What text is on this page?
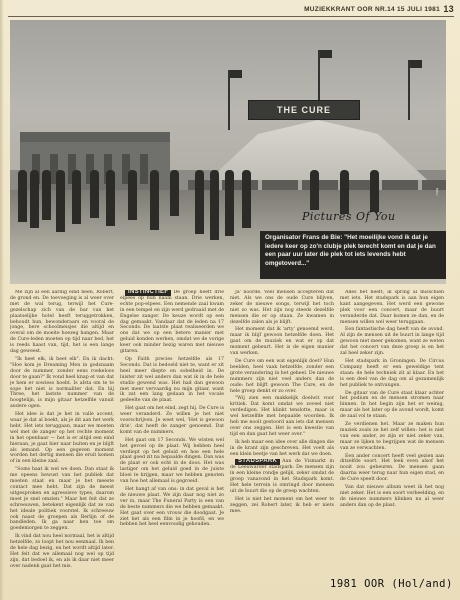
MUZIEKKRANT OOR NR.14 15 JULI 1981 13
THE CURE
foto:
Pictures Of You
Organisator Frans de Bie: "Het moeilijke vond ik dat je iedere keer op zo'n clubje plek terecht komt en dat je dan een paar uur later die plek tot iets levends hebt omgetoverd..."

Me zijn al een aardig eind heen, Robert, de grond en. De toevoeging is al weer over met de wal terug, terwijl het Cure-gezelschap zich van de bar van het plaatselijke hotel heeft teruggetrokken, behoudt hun, bewonderaars en vooral de jonge, bere schoolmeisjes die altijd en overal om de moeite hoezeg hangen. Maar de Cure-leden moeten op tijd naar bed, het is reeds haast van, tijd, het is een lange dag geweest.

"Ik heet elk, ik heet elk". En ik dacht: "Hoe kom je Dreaming Men in godsnaam door de nummer, zonder eens roekeloos door te gaan?" Ik vond heel knap et van dat je hem er sowieso hoebt. Is afsta om te te sope het niet is normaliter dat. En bij Three, het lastste nummer van de hoogtelijn, is mijn gitaar hetzelfde vanuit andere ogen.

Het idee is dat je het in valle accent, waar je dat al boekt, als je dit aan het werk hebt. Het iets teruggaan, maar we moeten wel met de zanger op het rechte moment in het openbaar — het is er altijd een eind hieraan, je gaat hier naar buiten en je blijft als iemand. Op een gegeven moment worden het dertig mensen die eruit komen of in een kleine zaal.

"Soms haat ik wel we doen. Dan staat ik me opeens bewust van het publiek dat moeten staat en maar je het meeste contact mee hebt. Dat zijn de meest uitgesproken en agressieve types, daarom moet je snel omzien." Maar het feit dat ze schreeuwen, betekent eigenlijk dat ze van het ideale politiek voorstel. Ik schreeuw ook naast de groepen als Berlijn of de bandleden. Ik ga naar hen toe om goedemorgen te zeggen.

Ik vind dat nou heel normaal, het is altijd hetzelfde, zo loopt het nou eenmaal. Ik ben de hele dag bezig, en het wordt altijd later. Het feit dat we allemaal nog wel op tijd zijn, dat bedoel ik, en als ik daar niet meer over nadenk gaat het mis.

INSTINCTIEF De groep heeft drie elpees op hun naam staan. Drie werken, echte pop-elpees. Een nemende zaal kwam in een tempel en zijn werd gedraaid met de Engelse zanger. De keuze wordt op een dag gemaakt. Vandaar dat de leden na 17 Seconds. De laatste plaat realiseerden we ons dat we op een betere manier met geluid konden werken, omdat we de vorige keer ook minder bezig waren met nieuwe gitaren.

Op Faith precies hetzelfde als 17 Seconds. Dat is bedoeld niet te, want er zit heel meer diepte en sobelheid in. De luister zit wel anders dan wat ik in de hele studio gewend was. Het had dan gewoon met meer vervaardig nu mijn gitaar, want ik zat een lang gedaan in het vocale gedeelte van de plaat.

Het gaat om het eind, zegt hij. De Cure is weer veranderd. Ze willen je het niet voorschrijven. Je weet wel, 'Het is gewoon drie', dat heeft de zanger genoemd. Dat komt van de nummers.

Het gaat om 17 Seconds. We wisten wel het gevoel op de plaat. Wij hebben heel verdiept op het geluid en hoe een hele plaat goed zit na bepaalde dingen. Dan was de plaat er ook echt in de doos. Het was lastiger om het geluid goed in de juiste bloei te krijgen, maar we hebben genoten van hoe het allemaal is gegroeid.

Het hangt af van ons: in dat geval is het de nieuwe plaat. We zijn daar nog niet zo ver in, maar The Funeral Party is een van de beste nummers die we hebben gemaakt. Het gaat over een vrouw die doodgaat. Je ziet het als een film in je hoofd, en we hebben het heel eenvoudig gehouden.

Ja' noorde. Veel mensen accepteren dat niet. Als we ons de oude Cure blijven, zeker de nieuwe songs, terwijl het toch niet zo was. Het zijn nog steeds dezelfde mensen die er op staan. Ze kwamen in dezelfde zalen als je blijft.

Het moment dat ik 'arty' genoemd werd, maar ik blijf gewoon hetzelfde doen. Het gaat om de muziek en wat er op dat moment gebeurt. Het is de eigen manier van werken.

De Cure om een wat eigenlijk doet? Hun beelden, heel vaak hetzelfde, zonder een grote verandering in het geheel. De nieuwe nummers zijn niet veel anders dan de oude: het blijft gewoon The Cure, en de hele groep denkt er zo over.

"Wij zien een makkelijk doelwit voor kritiek. Dat komt omdat we zoveel niet verdedigen. Het klinkt tenslotte, maar is wel hetzelfde met bepaalde woorden. Ik heb me nooit gestoord aan iets dat mensen over ons zeggen. Het is een kwestie van tijd en dan gaat het weer over."

Ik heb maar een idee over alle dingen die in de krant zijn geschreven. Het voelt als een klein beetje van het werk dat we doen.

STADSPARK Aan de Vismarkt in de Leeuwarder stadspark: De mensen zijn in een kleine rondje gelijk, zeker omdat de groep vanavond in het Stadspark komt. Het hele terrein is omringd door mensen uit de buurt die op de groep wachten.

Het is niet het moment om het weer te zeggen, zei Robert later, ik heb er niets mee.

Alles het heeft, ik spring al misschien met iets. Het stadspark is aan hun eigen kant aangegeven. Het werd een gewone plek voor een concert, maar de buurt veranderde dat. Daar komen ze dan, en de mensen willen wel weer teruggaan.

Een fantastische dag heeft van de avond. Al zijn de mensen uit de buurt in lange tijd gewoon niet meer gekomen, want ze weten dat het concert van deze groep is en het zal heel zeker zijn.

Het stadspark in Groningen. De Circus Company heeft er een geweldige tent staan: de hele techniek zit al klaar. En het is een deel van de dag om al gezamenlijk het publiek te ontvangen.

De gitaar van de Cure staat klaar achter het podium en de mensen stromen naar binnen. In het begin zijn het er weinig, maar als het later op de avond wordt, komt de zaal vol te staan.

Ze verdienen het. Maar ze maken hun muziek zoals ze het zelf willen: het is niet van een ander, ze zijn er niet zeker van, maar ze lijken te begrijpen wat de mensen van ze verwachten.

Een ander concert heeft veel gezien aan ditzelfde soort. Het leek even alsof het nooit zou gebeuren. De mensen gaan daarna weer terug naar hun eigen stad, en de Cure speelt door.

Van dat nieuwe album weet ik het nog niet zeker. Het is een soort verbeelding, en de nieuwe nummers klinken nu al weer anders dan op de plaat.

1981 OOR (Hol/and)
